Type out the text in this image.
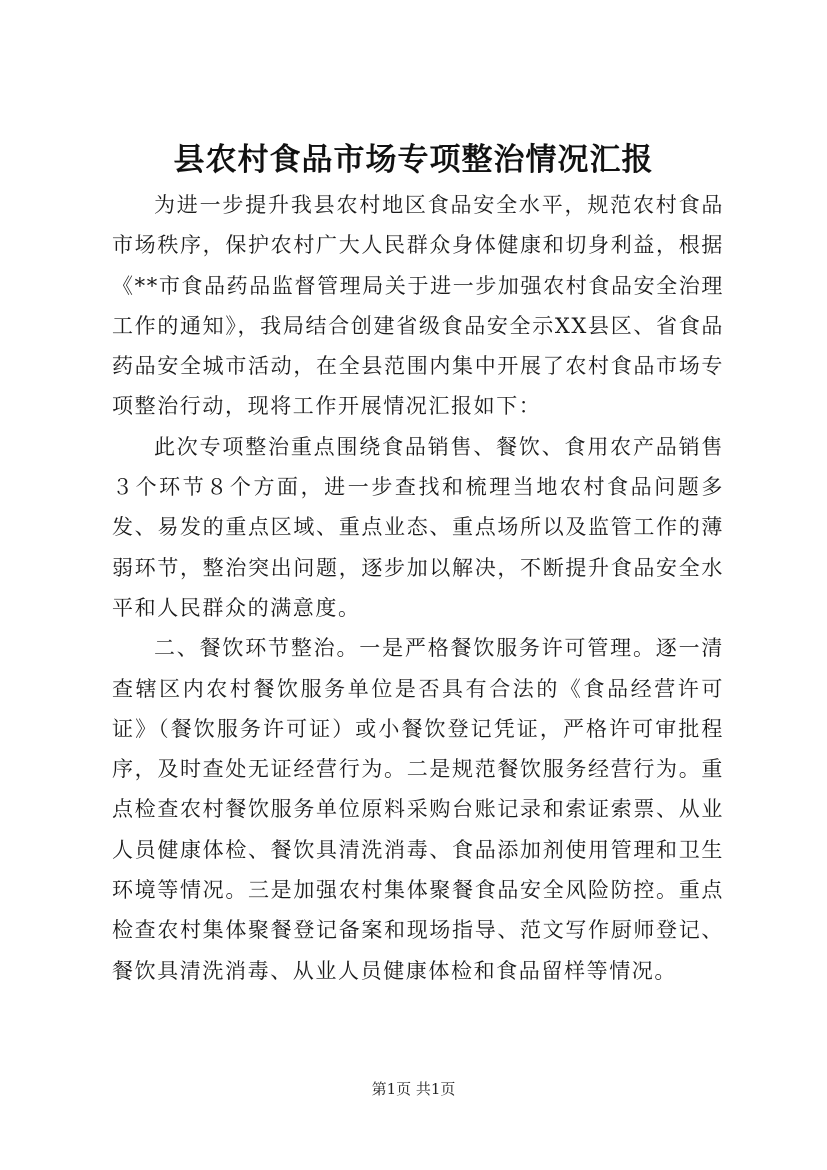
县农村食品市场专项整治情况汇报

为进一步提升我县农村地区食品安全水平，规范农村食品市场秩序，保护农村广大人民群众身体健康和切身利益，根据《**市食品药品监督管理局关于进一步加强农村食品安全治理工作的通知》，我局结合创建省级食品安全示XX县区、省食品药品安全城市活动，在全县范围内集中开展了农村食品市场专项整治行动，现将工作开展情况汇报如下：

此次专项整治重点围绕食品销售、餐饮、食用农产品销售３个环节８个方面，进一步查找和梳理当地农村食品问题多发、易发的重点区域、重点业态、重点场所以及监管工作的薄弱环节，整治突出问题，逐步加以解决，不断提升食品安全水平和人民群众的满意度。

二、餐饮环节整治。一是严格餐饮服务许可管理。逐一清查辖区内农村餐饮服务单位是否具有合法的《食品经营许可证》（餐饮服务许可证）或小餐饮登记凭证，严格许可审批程序，及时查处无证经营行为。二是规范餐饮服务经营行为。重点检查农村餐饮服务单位原料采购台账记录和索证索票、从业人员健康体检、餐饮具清洗消毒、食品添加剂使用管理和卫生环境等情况。三是加强农村集体聚餐食品安全风险防控。重点检查农村集体聚餐登记备案和现场指导、范文写作厨师登记、餐饮具清洗消毒、从业人员健康体检和食品留样等情况。

第1页 共1页
